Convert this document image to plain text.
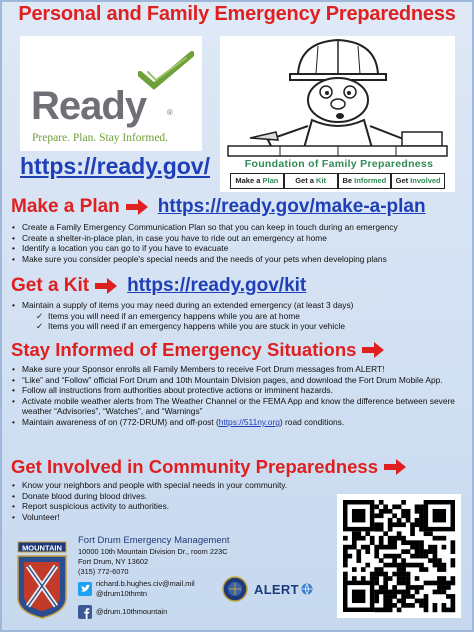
Personal and Family Emergency Preparedness
Ready	®
Prepare. Plan. Stay Informed.
https://ready.gov/	Foundation of Family Preparedness
Make a Plan	Get a Kit	Be Informed	Get Involved
Make a Plan https://ready.gov/make-a-plan
• Create a Family Emergency Communication Plan so that you can keep in touch during an emergency
• Create a shelter-in-place plan, in case you have to ride out an emergency at home
• Identify a location you can go to if you have to evacuate
• Make sure you consider people's special needs and the needs of your pets when developing plans
Get a Kit https://ready.gov/kit
• Maintain a supply of items you may need during an extended emergency (at least 3 days)
✓ Items you will need if an emergency happens while you are at home
✓ Items you will need if an emergency happens while you are stuck in your vehicle
Stay Informed of Emergency Situations
• Make sure your Sponsor enrolls all Family Members to receive Fort Drum messages from ALERT!
• “Like” and “Follow” official Fort Drum and 10th Mountain Division pages, and download the Fort Drum Mobile App.
• Follow all instructions from authorities about protective actions or imminent hazards.
• Activate mobile weather alerts from The Weather Channel or the FEMA App and know the difference between severe weather “Advisories”, “Watches”, and “Warnings”
• Maintain awareness of on (772-DRUM) and off-post (https://511ny.org) road conditions.
Get Involved in Community Preparedness
• Know your neighbors and people with special needs in your community.
• Donate blood during blood drives.
• Report suspicious activity to authorities.
• Volunteer!
MOUNTAIN
Fort Drum Emergency Management
10000 10th Mountain Division Dr., room 223C
Fort Drum, NY 13602
(315) 772-6070
richard.b.hughes.civ@mail.mil
@drum10thmtn
@drum.10thmountain
ALERT
